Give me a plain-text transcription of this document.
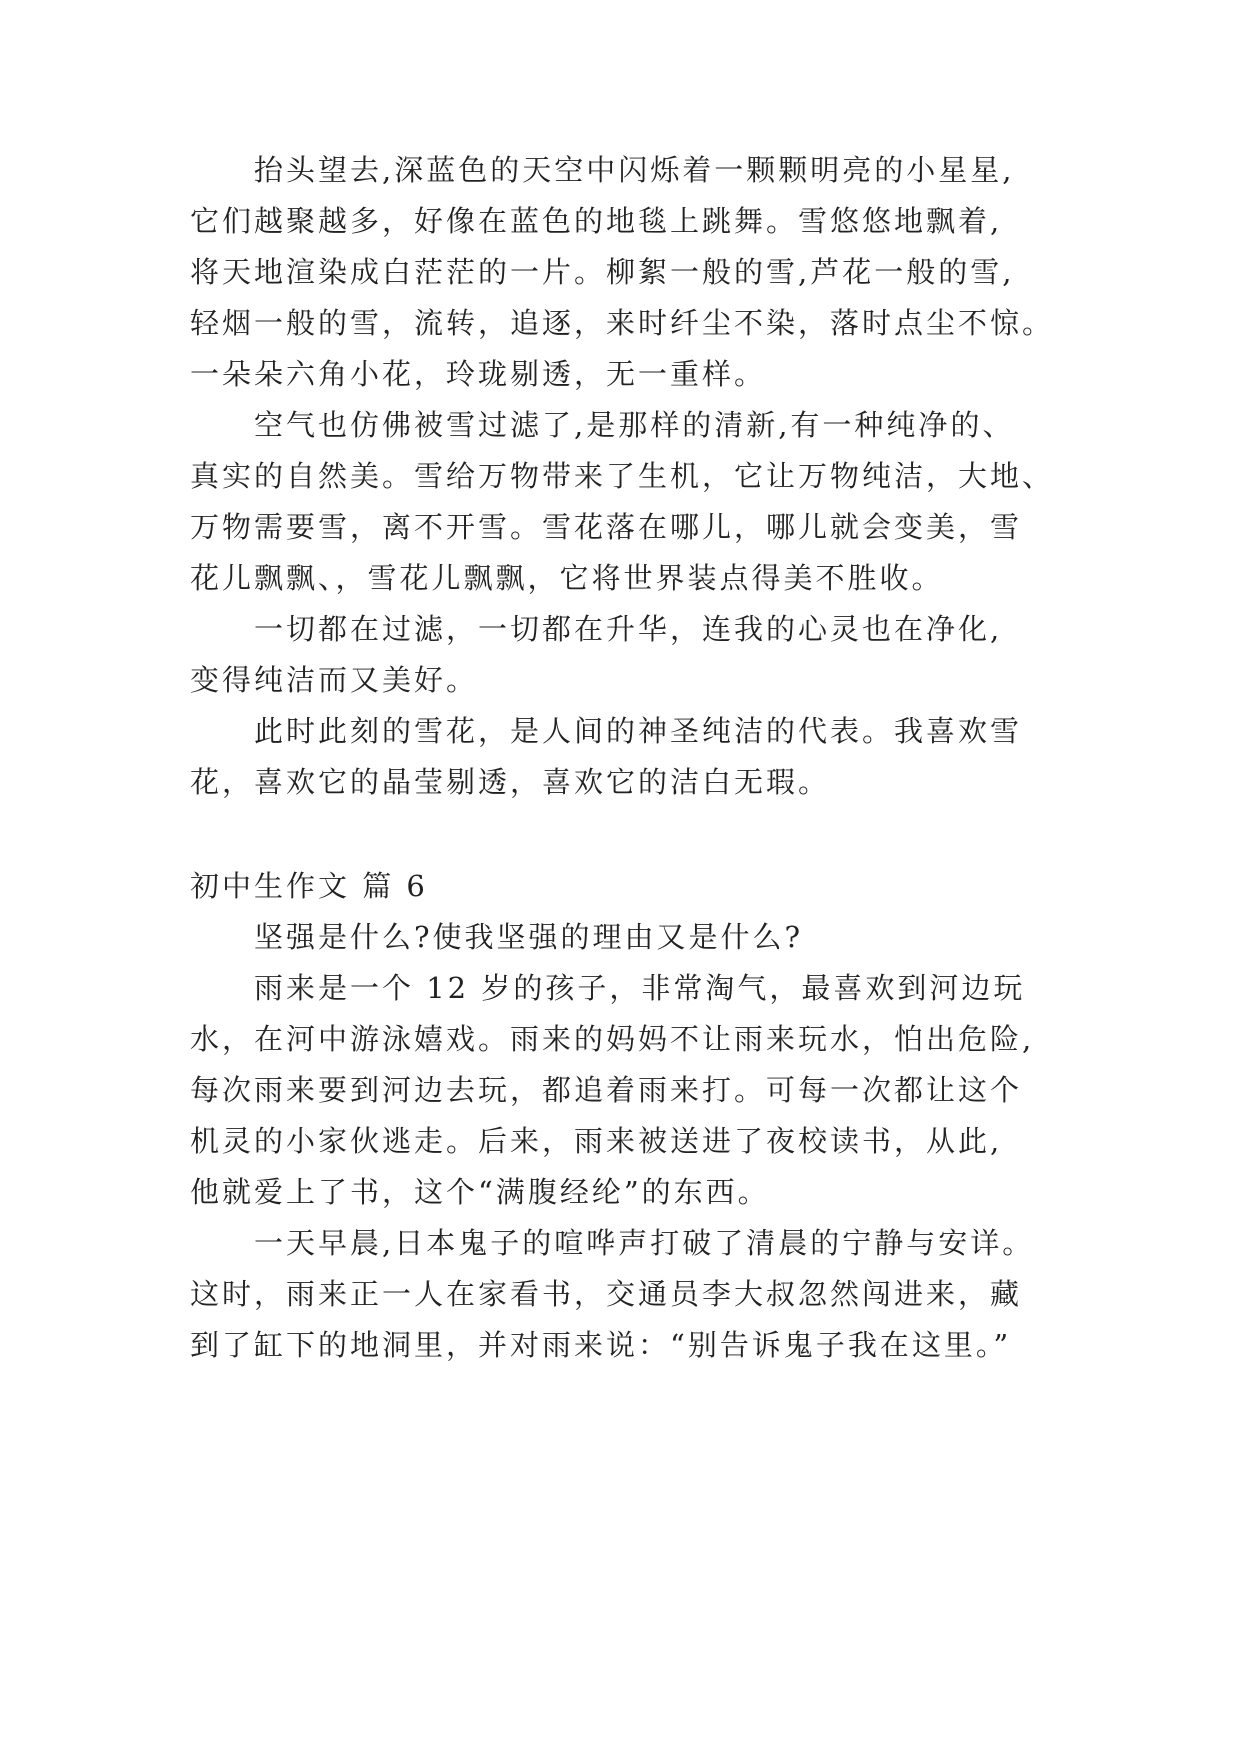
抬头望去,深蓝色的天空中闪烁着一颗颗明亮的小星星,
它们越聚越多，好像在蓝色的地毯上跳舞。雪悠悠地飘着,
将天地渲染成白茫茫的一片。柳絮一般的雪,芦花一般的雪,
轻烟一般的雪，流转，追逐，来时纤尘不染，落时点尘不惊。
一朵朵六角小花，玲珑剔透，无一重样。
空气也仿佛被雪过滤了,是那样的清新,有一种纯净的、
真实的自然美。雪给万物带来了生机，它让万物纯洁，大地、
万物需要雪，离不开雪。雪花落在哪儿，哪儿就会变美，雪
花儿飘飘、，雪花儿飘飘，它将世界装点得美不胜收。
一切都在过滤，一切都在升华，连我的心灵也在净化,
变得纯洁而又美好。
此时此刻的雪花，是人间的神圣纯洁的代表。我喜欢雪
花，喜欢它的晶莹剔透，喜欢它的洁白无瑕。
初中生作文 篇 6
坚强是什么?使我坚强的理由又是什么?
雨来是一个 12 岁的孩子，非常淘气，最喜欢到河边玩
水，在河中游泳嬉戏。雨来的妈妈不让雨来玩水，怕出危险,
每次雨来要到河边去玩，都追着雨来打。可每一次都让这个
机灵的小家伙逃走。后来，雨来被送进了夜校读书，从此,
他就爱上了书，这个“满腹经纶”的东西。
一天早晨,日本鬼子的喧哗声打破了清晨的宁静与安详。
这时，雨来正一人在家看书，交通员李大叔忽然闯进来，藏
到了缸下的地洞里，并对雨来说：“别告诉鬼子我在这里。”
